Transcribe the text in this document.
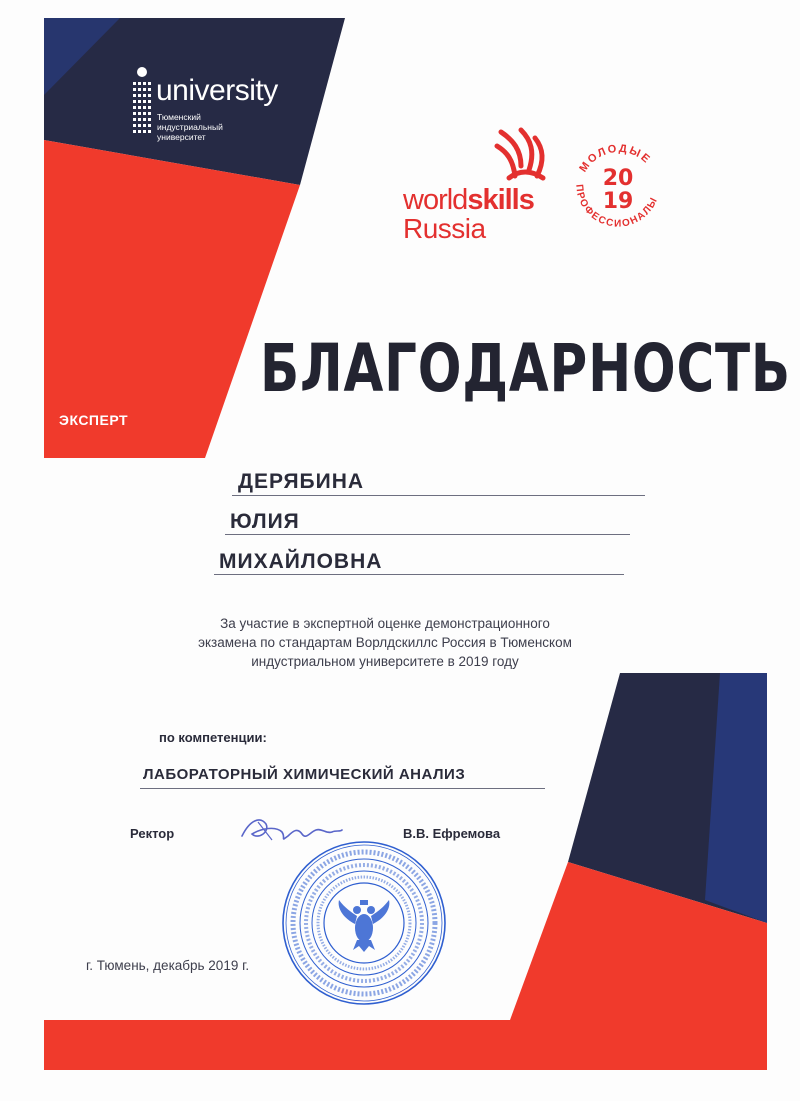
university
Тюменский
индустриальный
университет
ЭКСПЕРТ
worldskills
Russia
МОЛОДЫЕ
ПРОФЕССИОНАЛЫ
20
19
БЛАГОДАРНОСТЬ
ДЕРЯБИНА
ЮЛИЯ
МИХАЙЛОВНА
За участие в экспертной оценке демонстрационного
экзамена по стандартам Ворлдскиллс Россия в Тюменском
индустриальном университете в 2019 году
по компетенции:
ЛАБОРАТОРНЫЙ ХИМИЧЕСКИЙ АНАЛИЗ
Ректор	В.В. Ефремова
г. Тюмень, декабрь 2019 г.
